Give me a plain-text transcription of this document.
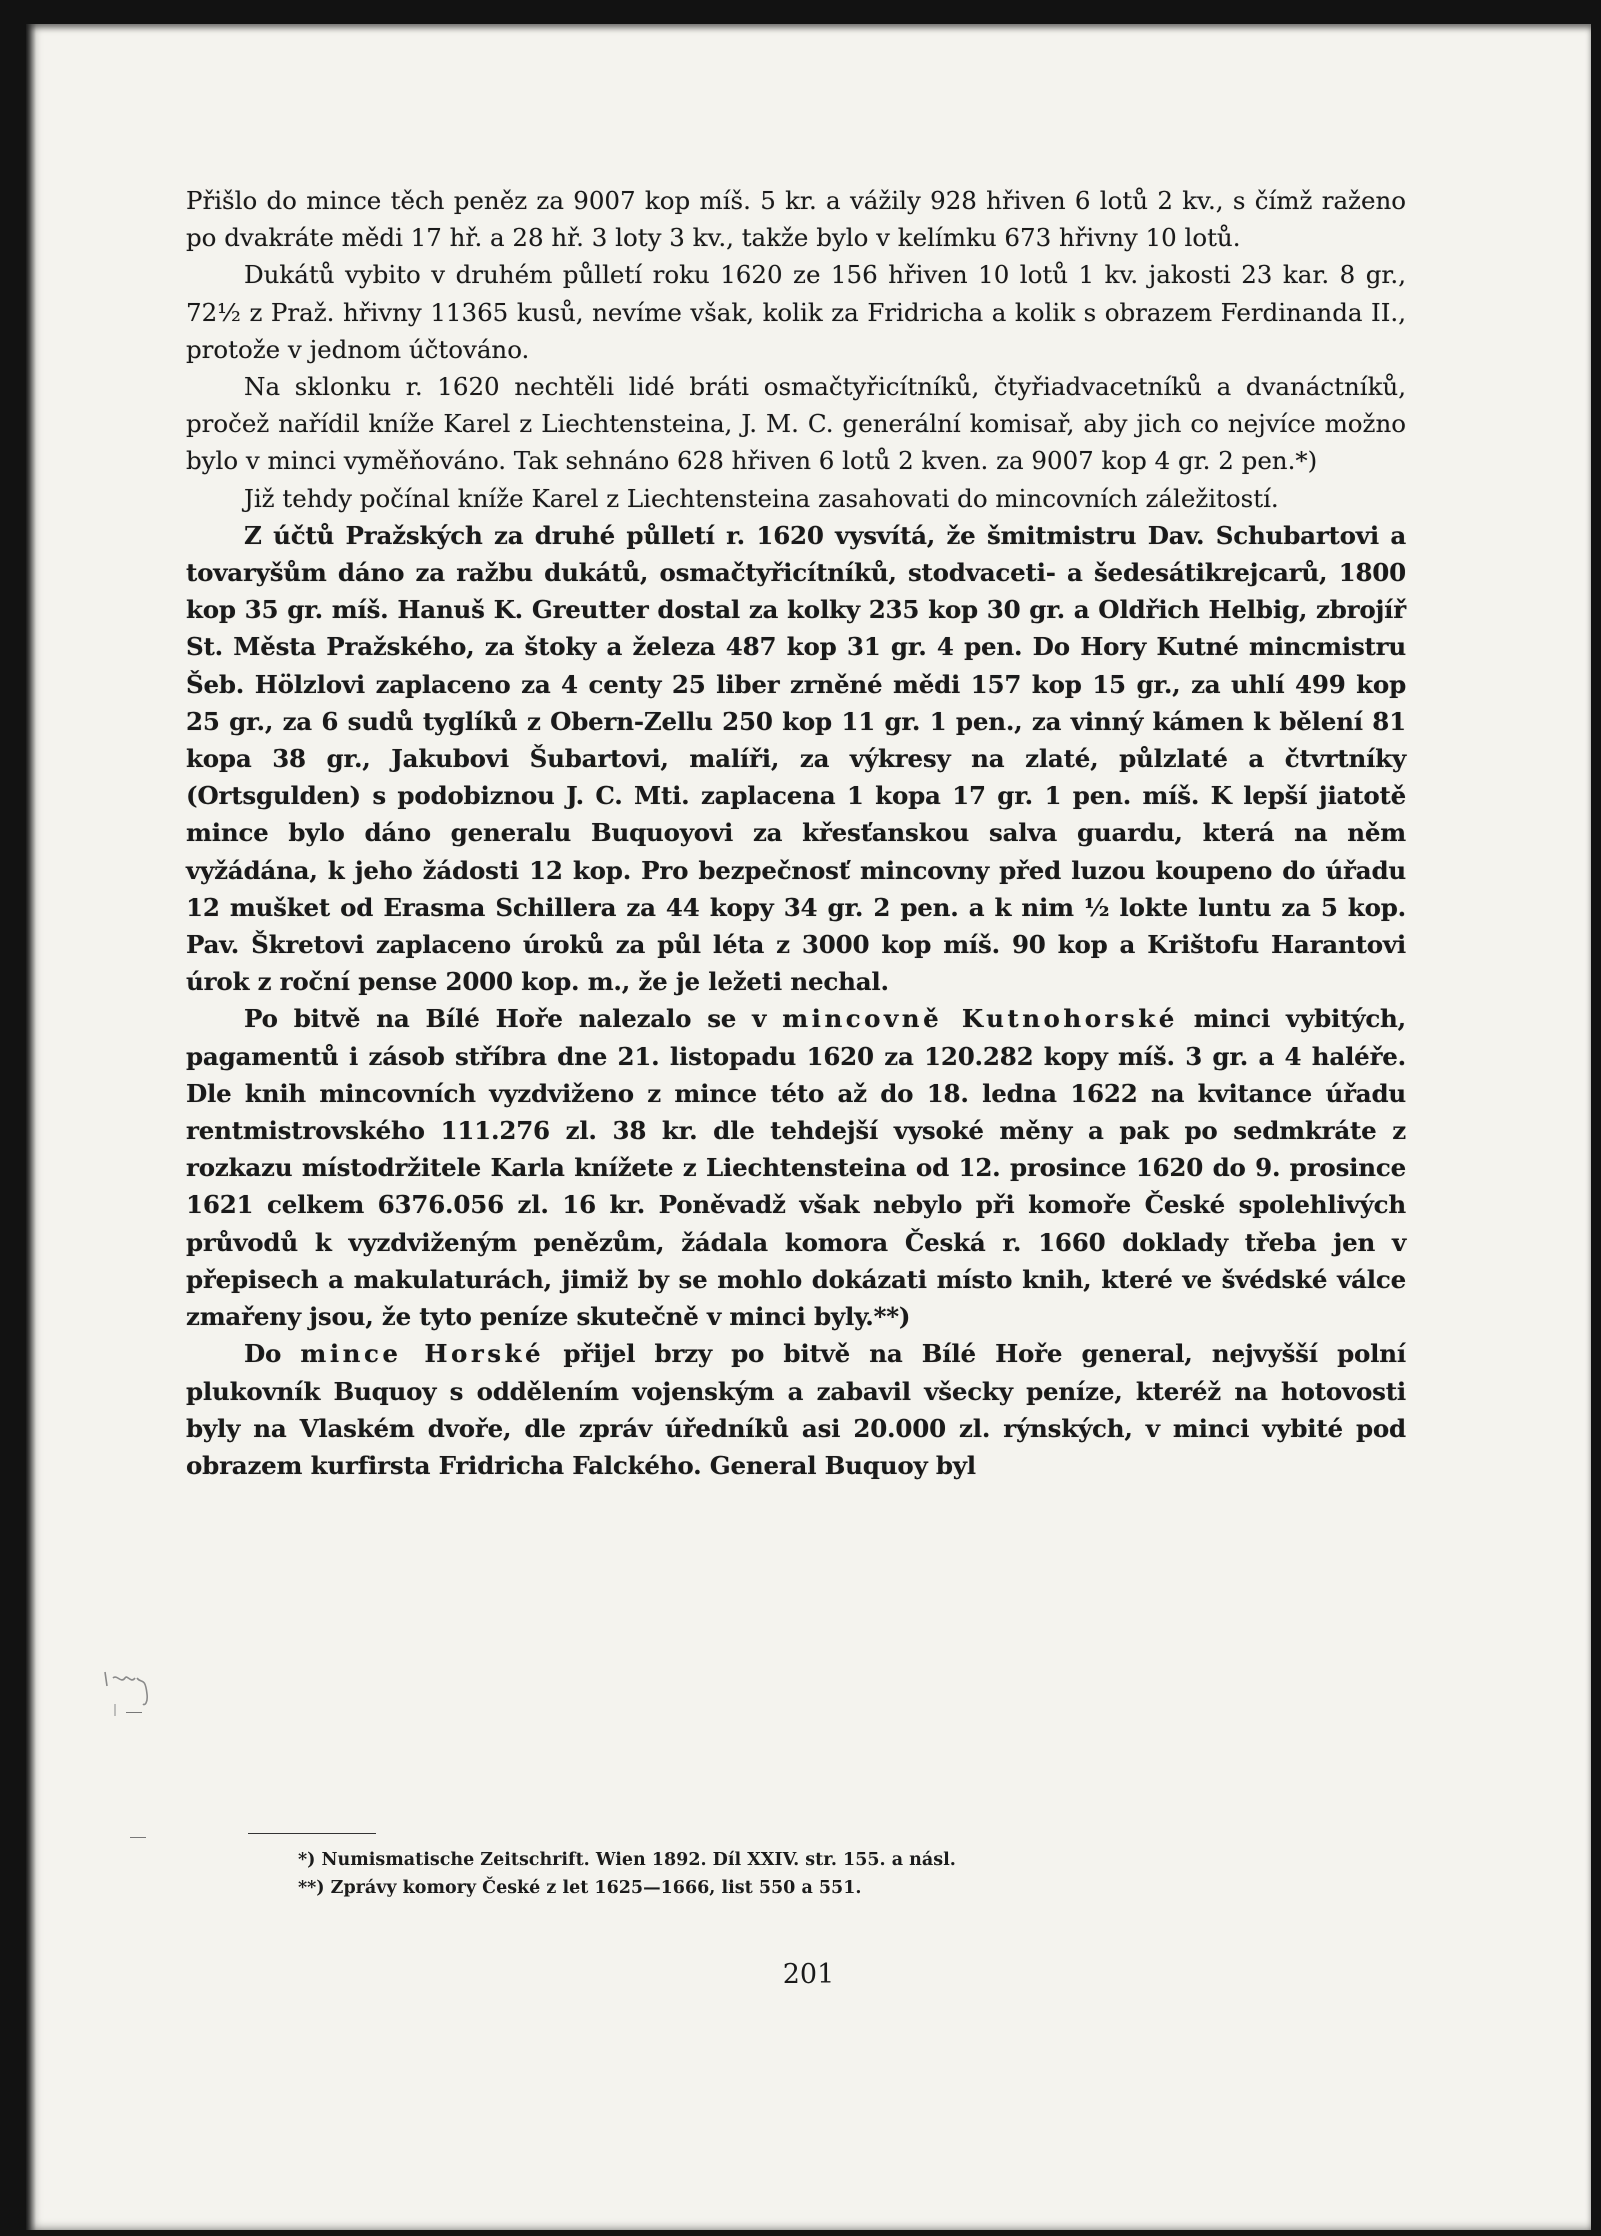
Přišlo do mince těch peněz za 9007 kop míš. 5 kr. a vážily 928 hřiven 6 lotů 2 kv., s čímž raženo po dvakráte mědi 17 hř. a 28 hř. 3 loty 3 kv., takže bylo v kelímku 673 hřivny 10 lotů.

Dukátů vybito v druhém půlletí roku 1620 ze 156 hřiven 10 lotů 1 kv. jakosti 23 kar. 8 gr., 72½ z Praž. hřivny 11365 kusů, nevíme však, kolik za Fridricha a kolik s obrazem Ferdinanda II., protože v jednom účtováno.

Na sklonku r. 1620 nechtěli lidé bráti osmačtyřicítníků, čtyřiadvacetníků a dvanáctníků, pročež nařídil kníže Karel z Liechtensteina, J. M. C. generální komisař, aby jich co nejvíce možno bylo v minci vyměňováno. Tak sehnáno 628 hřiven 6 lotů 2 kven. za 9007 kop 4 gr. 2 pen.*)

Již tehdy počínal kníže Karel z Liechtensteina zasahovati do mincovních záležitostí.

Z účtů Pražských za druhé půlletí r. 1620 vysvítá, že šmitmistru Dav. Schubartovi a tovaryšům dáno za ražbu dukátů, osmačtyřicítníků, stodvaceti- a šedesátikrejcarů, 1800 kop 35 gr. míš. Hanuš K. Greutter dostal za kolky 235 kop 30 gr. a Oldřich Helbig, zbrojíř St. Města Pražského, za štoky a železa 487 kop 31 gr. 4 pen. Do Hory Kutné mincmistru Šeb. Hölzlovi zaplaceno za 4 centy 25 liber zrněné mědi 157 kop 15 gr., za uhlí 499 kop 25 gr., za 6 sudů tyglíků z Obern-Zellu 250 kop 11 gr. 1 pen., za vinný kámen k bělení 81 kopa 38 gr., Jakubovi Šubartovi, malíři, za výkresy na zlaté, půlzlaté a čtvrtníky (Ortsgulden) s podobiznou J. C. Mti. zaplacena 1 kopa 17 gr. 1 pen. míš. K lepší jiatotě mince bylo dáno generalu Buquoyovi za křesťanskou salva guardu, která na něm vyžádána, k jeho žádosti 12 kop. Pro bezpečnosť mincovny před luzou koupeno do úřadu 12 mušket od Erasma Schillera za 44 kopy 34 gr. 2 pen. a k nim ½ lokte luntu za 5 kop. Pav. Škretovi zaplaceno úroků za půl léta z 3000 kop míš. 90 kop a Krištofu Harantovi úrok z roční pense 2000 kop. m., že je ležeti nechal.

Po bitvě na Bílé Hoře nalezalo se v mincovně Kutnohorské minci vybitých, pagamentů i zásob stříbra dne 21. listopadu 1620 za 120.282 kopy míš. 3 gr. a 4 haléře. Dle knih mincovních vyzdviženo z mince této až do 18. ledna 1622 na kvitance úřadu rentmistrovského 111.276 zl. 38 kr. dle tehdejší vysoké měny a pak po sedmkráte z rozkazu místodržitele Karla knížete z Liechtensteina od 12. prosince 1620 do 9. prosince 1621 celkem 6376.056 zl. 16 kr. Poněvadž však nebylo při komoře České spolehlivých průvodů k vyzdviženým penězům, žádala komora Česká r. 1660 doklady třeba jen v přepisech a makulaturách, jimiž by se mohlo dokázati místo knih, které ve švédské válce zmařeny jsou, že tyto peníze skutečně v minci byly.**)

Do mince Horské přijel brzy po bitvě na Bílé Hoře general, nejvyšší polní plukovník Buquoy s oddělením vojenským a zabavil všecky peníze, kteréž na hotovosti byly na Vlaském dvoře, dle zpráv úředníků asi 20.000 zl. rýnských, v minci vybité pod obrazem kurfirsta Fridricha Falckého. General Buquoy byl

*) Numismatische Zeitschrift. Wien 1892. Díl XXIV. str. 155. a násl.

**) Zprávy komory České z let 1625—1666, list 550 a 551.

201
